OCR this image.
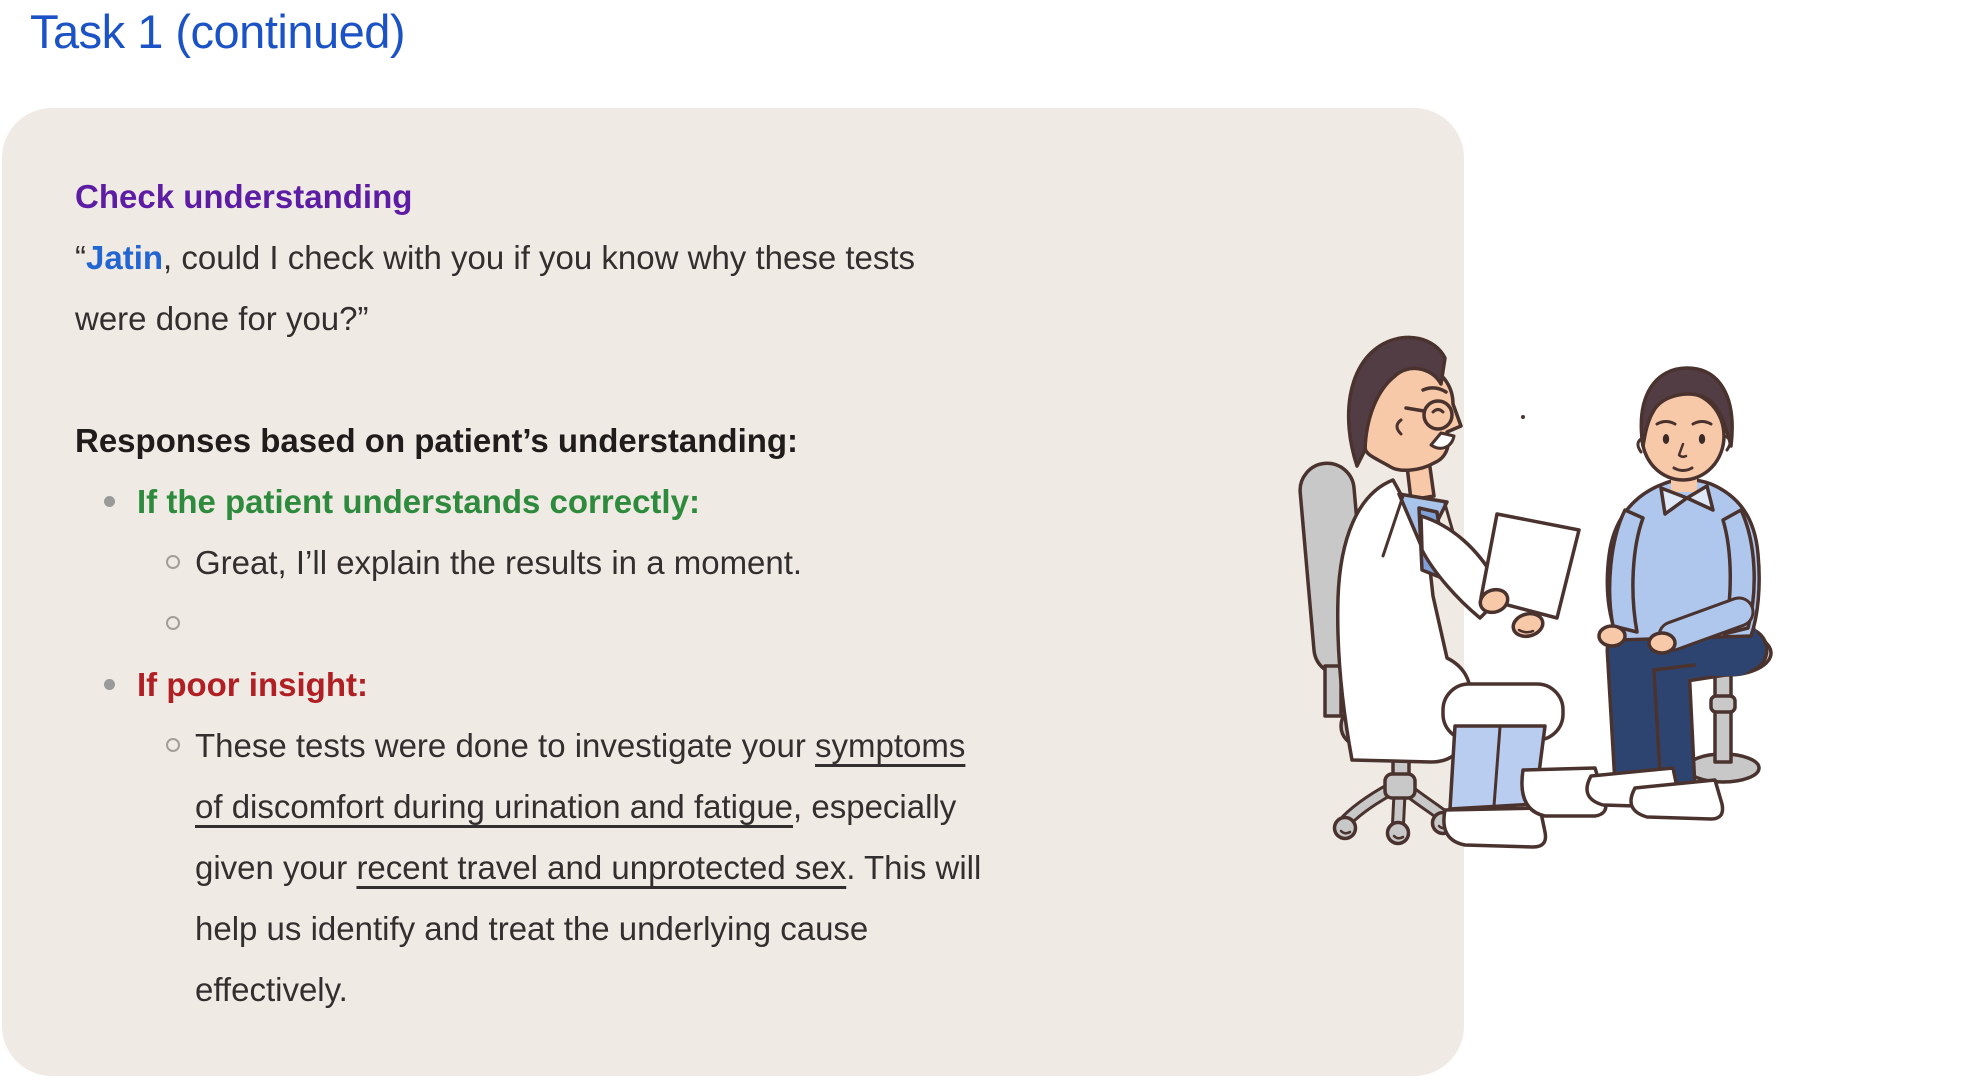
Task 1 (continued)
Check understanding
“Jatin, could I check with you if you know why these tests were done for you?”
Responses based on patient’s understanding:
If the patient understands correctly:
Great, I’ll explain the results in a moment.
If poor insight:
These tests were done to investigate your symptoms of discomfort during urination and fatigue, especially given your recent travel and unprotected sex. This will help us identify and treat the underlying cause effectively.
